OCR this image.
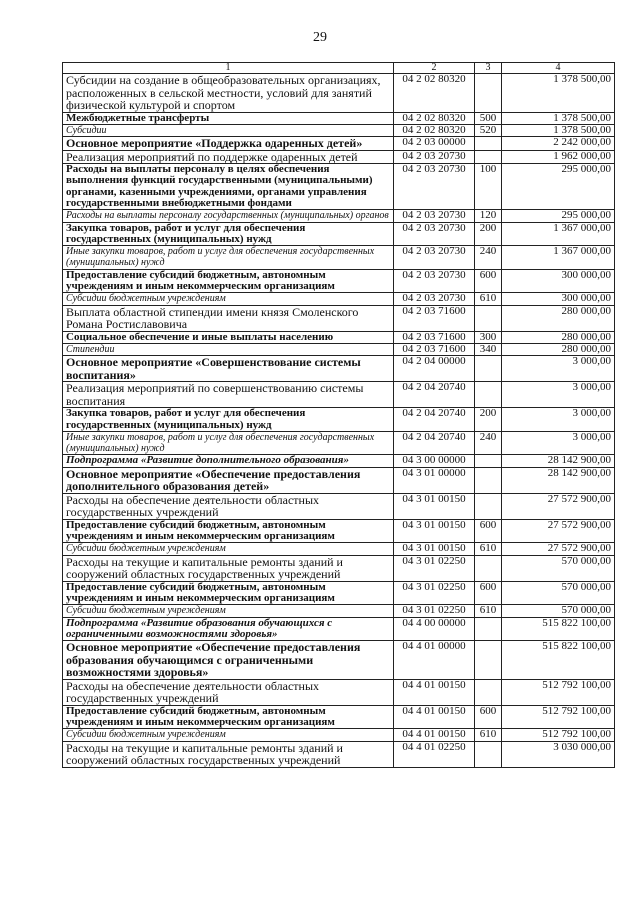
29
1	2	3	4
Субсидии на создание в общеобразовательных организациях, расположенных в сельской местности, условий для занятий физической культурой и спортом	04 2 02 80320		1 378 500,00
Межбюджетные трансферты	04 2 02 80320	500	1 378 500,00
Субсидии	04 2 02 80320	520	1 378 500,00
Основное мероприятие «Поддержка одаренных детей»	04 2 03 00000		2 242 000,00
Реализация мероприятий по поддержке одаренных детей	04 2 03 20730		1 962 000,00
Расходы на выплаты персоналу в целях обеспечения выполнения функций государственными (муниципальными) органами, казенными учреждениями, органами управления государственными внебюджетными фондами	04 2 03 20730	100	295 000,00
Расходы на выплаты персоналу государственных (муниципальных) органов	04 2 03 20730	120	295 000,00
Закупка товаров, работ и услуг для обеспечения государственных (муниципальных) нужд	04 2 03 20730	200	1 367 000,00
Иные закупки товаров, работ и услуг для обеспечения государственных (муниципальных) нужд	04 2 03 20730	240	1 367 000,00
Предоставление субсидий бюджетным, автономным учреждениям и иным некоммерческим организациям	04 2 03 20730	600	300 000,00
Субсидии бюджетным учреждениям	04 2 03 20730	610	300 000,00
Выплата областной стипендии имени князя Смоленского Романа Ростиславовича	04 2 03 71600		280 000,00
Социальное обеспечение и иные выплаты населению	04 2 03 71600	300	280 000,00
Стипендии	04 2 03 71600	340	280 000,00
Основное мероприятие «Совершенствование системы воспитания»	04 2 04 00000		3 000,00
Реализация мероприятий по совершенствованию системы воспитания	04 2 04 20740		3 000,00
Закупка товаров, работ и услуг для обеспечения государственных (муниципальных) нужд	04 2 04 20740	200	3 000,00
Иные закупки товаров, работ и услуг для обеспечения государственных (муниципальных) нужд	04 2 04 20740	240	3 000,00
Подпрограмма «Развитие дополнительного образования»	04 3 00 00000		28 142 900,00
Основное мероприятие «Обеспечение предоставления дополнительного образования детей»	04 3 01 00000		28 142 900,00
Расходы на обеспечение деятельности областных государственных учреждений	04 3 01 00150		27 572 900,00
Предоставление субсидий бюджетным, автономным учреждениям и иным некоммерческим организациям	04 3 01 00150	600	27 572 900,00
Субсидии бюджетным учреждениям	04 3 01 00150	610	27 572 900,00
Расходы на текущие и капитальные ремонты зданий и сооружений областных государственных учреждений	04 3 01 02250		570 000,00
Предоставление субсидий бюджетным, автономным учреждениям и иным некоммерческим организациям	04 3 01 02250	600	570 000,00
Субсидии бюджетным учреждениям	04 3 01 02250	610	570 000,00
Подпрограмма «Развитие образования обучающихся с ограниченными возможностями здоровья»	04 4 00 00000		515 822 100,00
Основное мероприятие «Обеспечение предоставления образования обучающимся с ограниченными возможностями здоровья»	04 4 01 00000		515 822 100,00
Расходы на обеспечение деятельности областных государственных учреждений	04 4 01 00150		512 792 100,00
Предоставление субсидий бюджетным, автономным учреждениям и иным некоммерческим организациям	04 4 01 00150	600	512 792 100,00
Субсидии бюджетным учреждениям	04 4 01 00150	610	512 792 100,00
Расходы на текущие и капитальные ремонты зданий и сооружений областных государственных учреждений	04 4 01 02250		3 030 000,00
